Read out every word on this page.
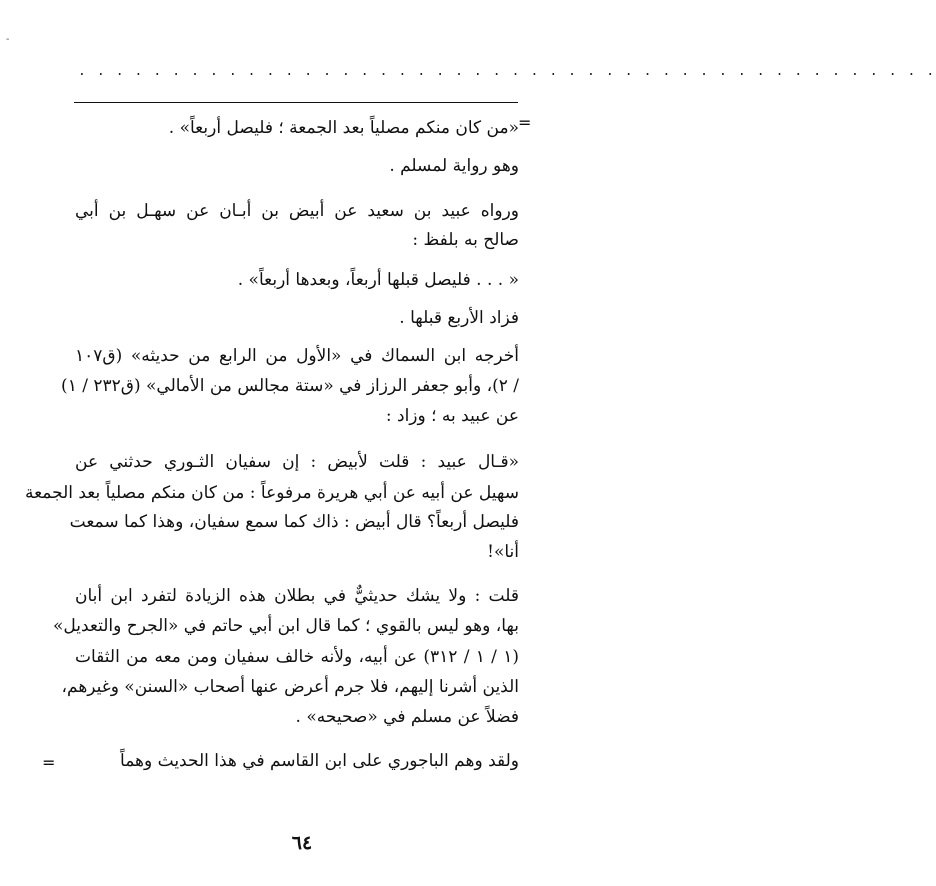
-
. . . . . . . . . . . . . . . . . . . . . . . . . . . . . . . . . . . . . . . . . . . . . .
=
«من كان منكم مصلياً بعد الجمعة ؛ فليصل أربعاً» .
وهو رواية لمسلم .
ورواه عبيد بن سعيد عن أبيض بن أبـان عن سهـل بن أبي
صالح به بلفظ :
« . . . فليصل قبلها أربعاً، وبعدها أربعاً» .
فزاد الأربع قبلها .
أخرجه ابن السماك في «الأول من الرابع من حديثه» (ق١٠٧
/ ٢)، وأبو جعفر الرزاز في «ستة مجالس من الأمالي» (ق٢٣٢ / ١)
عن عبيد به ؛ وزاد :
«قـال عبيد : قلت لأبيض : إن سفيان الثـوري حدثني عن
سهيل عن أبيه عن أبي هريرة مرفوعاً : من كان منكم مصلياً بعد الجمعة
فليصل أربعاً؟ قال أبيض : ذاك كما سمع سفيان، وهذا كما سمعت
أنا»!
قلت : ولا يشك حديثيٌّ في بطلان هذه الزيادة لتفرد ابن أبان
بها، وهو ليس بالقوي ؛ كما قال ابن أبي حاتم في «الجرح والتعديل»
(١ / ١ / ٣١٢) عن أبيه، ولأنه خالف سفيان ومن معه من الثقات
الذين أشرنا إليهم، فلا جرم أعرض عنها أصحاب «السنن» وغيرهم،
فضلاً عن مسلم في «صحيحه» .
ولقد وهم الباجوري على ابن القاسم في هذا الحديث وهماً
=
٦٤
